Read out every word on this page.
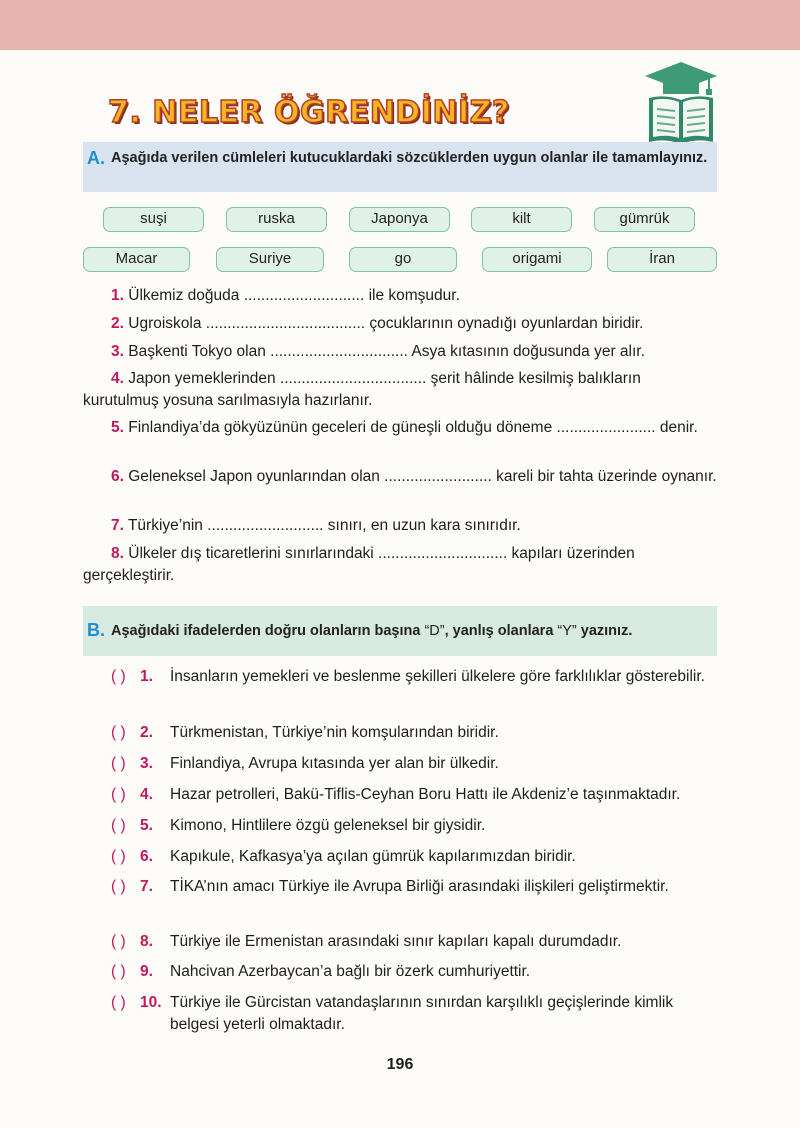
7. NELER ÖĞRENDİNİZ?
A. Aşağıda verilen cümleleri kutucuklardaki sözcüklerden uygun olanlar ile tamamlayınız.
suşi	ruska	Japonya	kilt	gümrük
Macar	Suriye	go	origami	İran
1. Ülkemiz doğuda ............................ ile komşudur.
2. Ugroiskola ..................................... çocuklarının oynadığı oyunlardan biridir.
3. Başkenti Tokyo olan ................................ Asya kıtasının doğusunda yer alır.
4. Japon yemeklerinden .................................. şerit hâlinde kesilmiş balıkların kurutulmuş yosuna sarılmasıyla hazırlanır.
5. Finlandiya’da gökyüzünün geceleri de güneşli olduğu döneme ....................... denir.
6. Geleneksel Japon oyunlarından olan ......................... kareli bir tahta üzerinde oynanır.
7. Türkiye’nin ........................... sınırı, en uzun kara sınırıdır.
8. Ülkeler dış ticaretlerini sınırlarındaki .............................. kapıları üzerinden gerçekleştirir.
B. Aşağıdaki ifadelerden doğru olanların başına “D”, yanlış olanlara “Y” yazınız.
( ) 1. İnsanların yemekleri ve beslenme şekilleri ülkelere göre farklılıklar gösterebilir.
( ) 2. Türkmenistan, Türkiye’nin komşularından biridir.
( ) 3. Finlandiya, Avrupa kıtasında yer alan bir ülkedir.
( ) 4. Hazar petrolleri, Bakü-Tiflis-Ceyhan Boru Hattı ile Akdeniz’e taşınmaktadır.
( ) 5. Kimono, Hintlilere özgü geleneksel bir giysidir.
( ) 6. Kapıkule, Kafkasya’ya açılan gümrük kapılarımızdan biridir.
( ) 7. TİKA’nın amacı Türkiye ile Avrupa Birliği arasındaki ilişkileri geliştirmektir.
( ) 8. Türkiye ile Ermenistan arasındaki sınır kapıları kapalı durumdadır.
( ) 9. Nahcivan Azerbaycan’a bağlı bir özerk cumhuriyettir.
( ) 10. Türkiye ile Gürcistan vatandaşlarının sınırdan karşılıklı geçişlerinde kimlik belgesi yeterli olmaktadır.
196
